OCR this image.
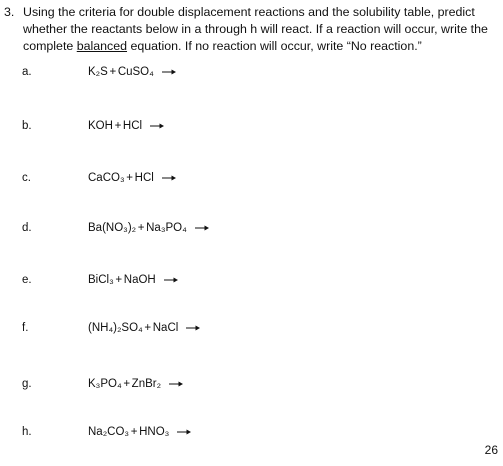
3. Using the criteria for double displacement reactions and the solubility table, predict whether the reactants below in a through h will react. If a reaction will occur, write the complete balanced equation. If no reaction will occur, write “No reaction.”
a.	K₂S + CuSO₄
b.	KOH + HCl
c.	CaCO₃ + HCl
d.	Ba(NO₃)₂ + Na₃PO₄
e.	BiCl₃ + NaOH
f.	(NH₄)₂SO₄ + NaCl
g.	K₃PO₄ + ZnBr₂
h.	Na₂CO₃ + HNO₃
26
